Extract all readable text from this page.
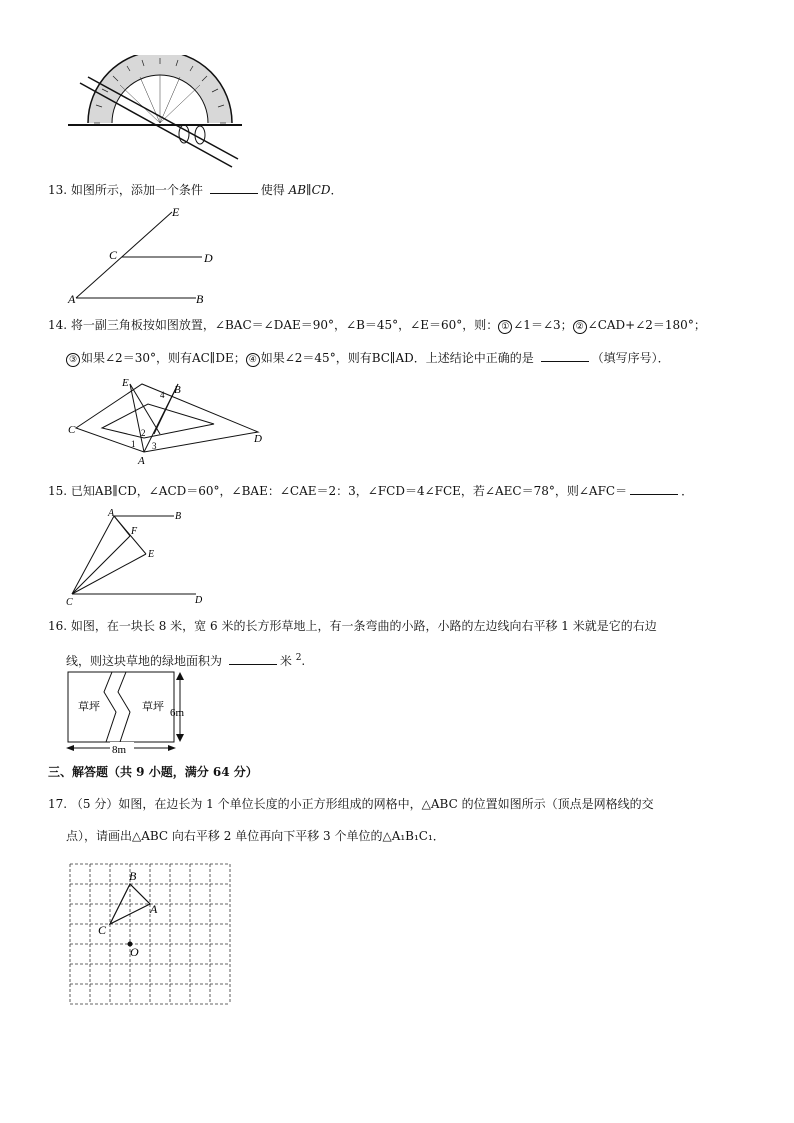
13. 如图所示，添加一个条件	使得 AB∥CD．
E
C	D
A	B
14. 将一副三角板按如图放置，∠BAC＝∠DAE＝90°，∠B＝45°，∠E＝60°，则： ① ∠1＝∠3； ② ∠CAD+∠2＝180°；
③ 如果∠2＝30°，则有AC∥DE； ④ 如果∠2＝45°，则有BC∥AD．上述结论中正确的是	（填写序号）．
E
B
4
C
D
2
1 3
A
15. 已知AB∥CD，∠ACD＝60°，∠BAE：∠CAE＝2：3，∠FCD＝4∠FCE，若∠AEC＝78°，则∠AFC＝	．
A	B
F
E
C	D
16. 如图，在一块长 8 米，宽 6 米的长方形草地上，有一条弯曲的小路，小路的左边线向右平移 1 米就是它的右边
线，则这块草地的绿地面积为	米 $^2$.
草坪	草坪 6m
8m
三、解答题（共 9 小题，满分 64 分）
17. （5 分）如图，在边长为 1 个单位长度的小正方形组成的网格中，△ABC 的位置如图所示（顶点是网格线的交
点），请画出△ABC 向右平移 2 单位再向下平移 3 个单位的△A₁B₁C₁．
B
A
C
O
